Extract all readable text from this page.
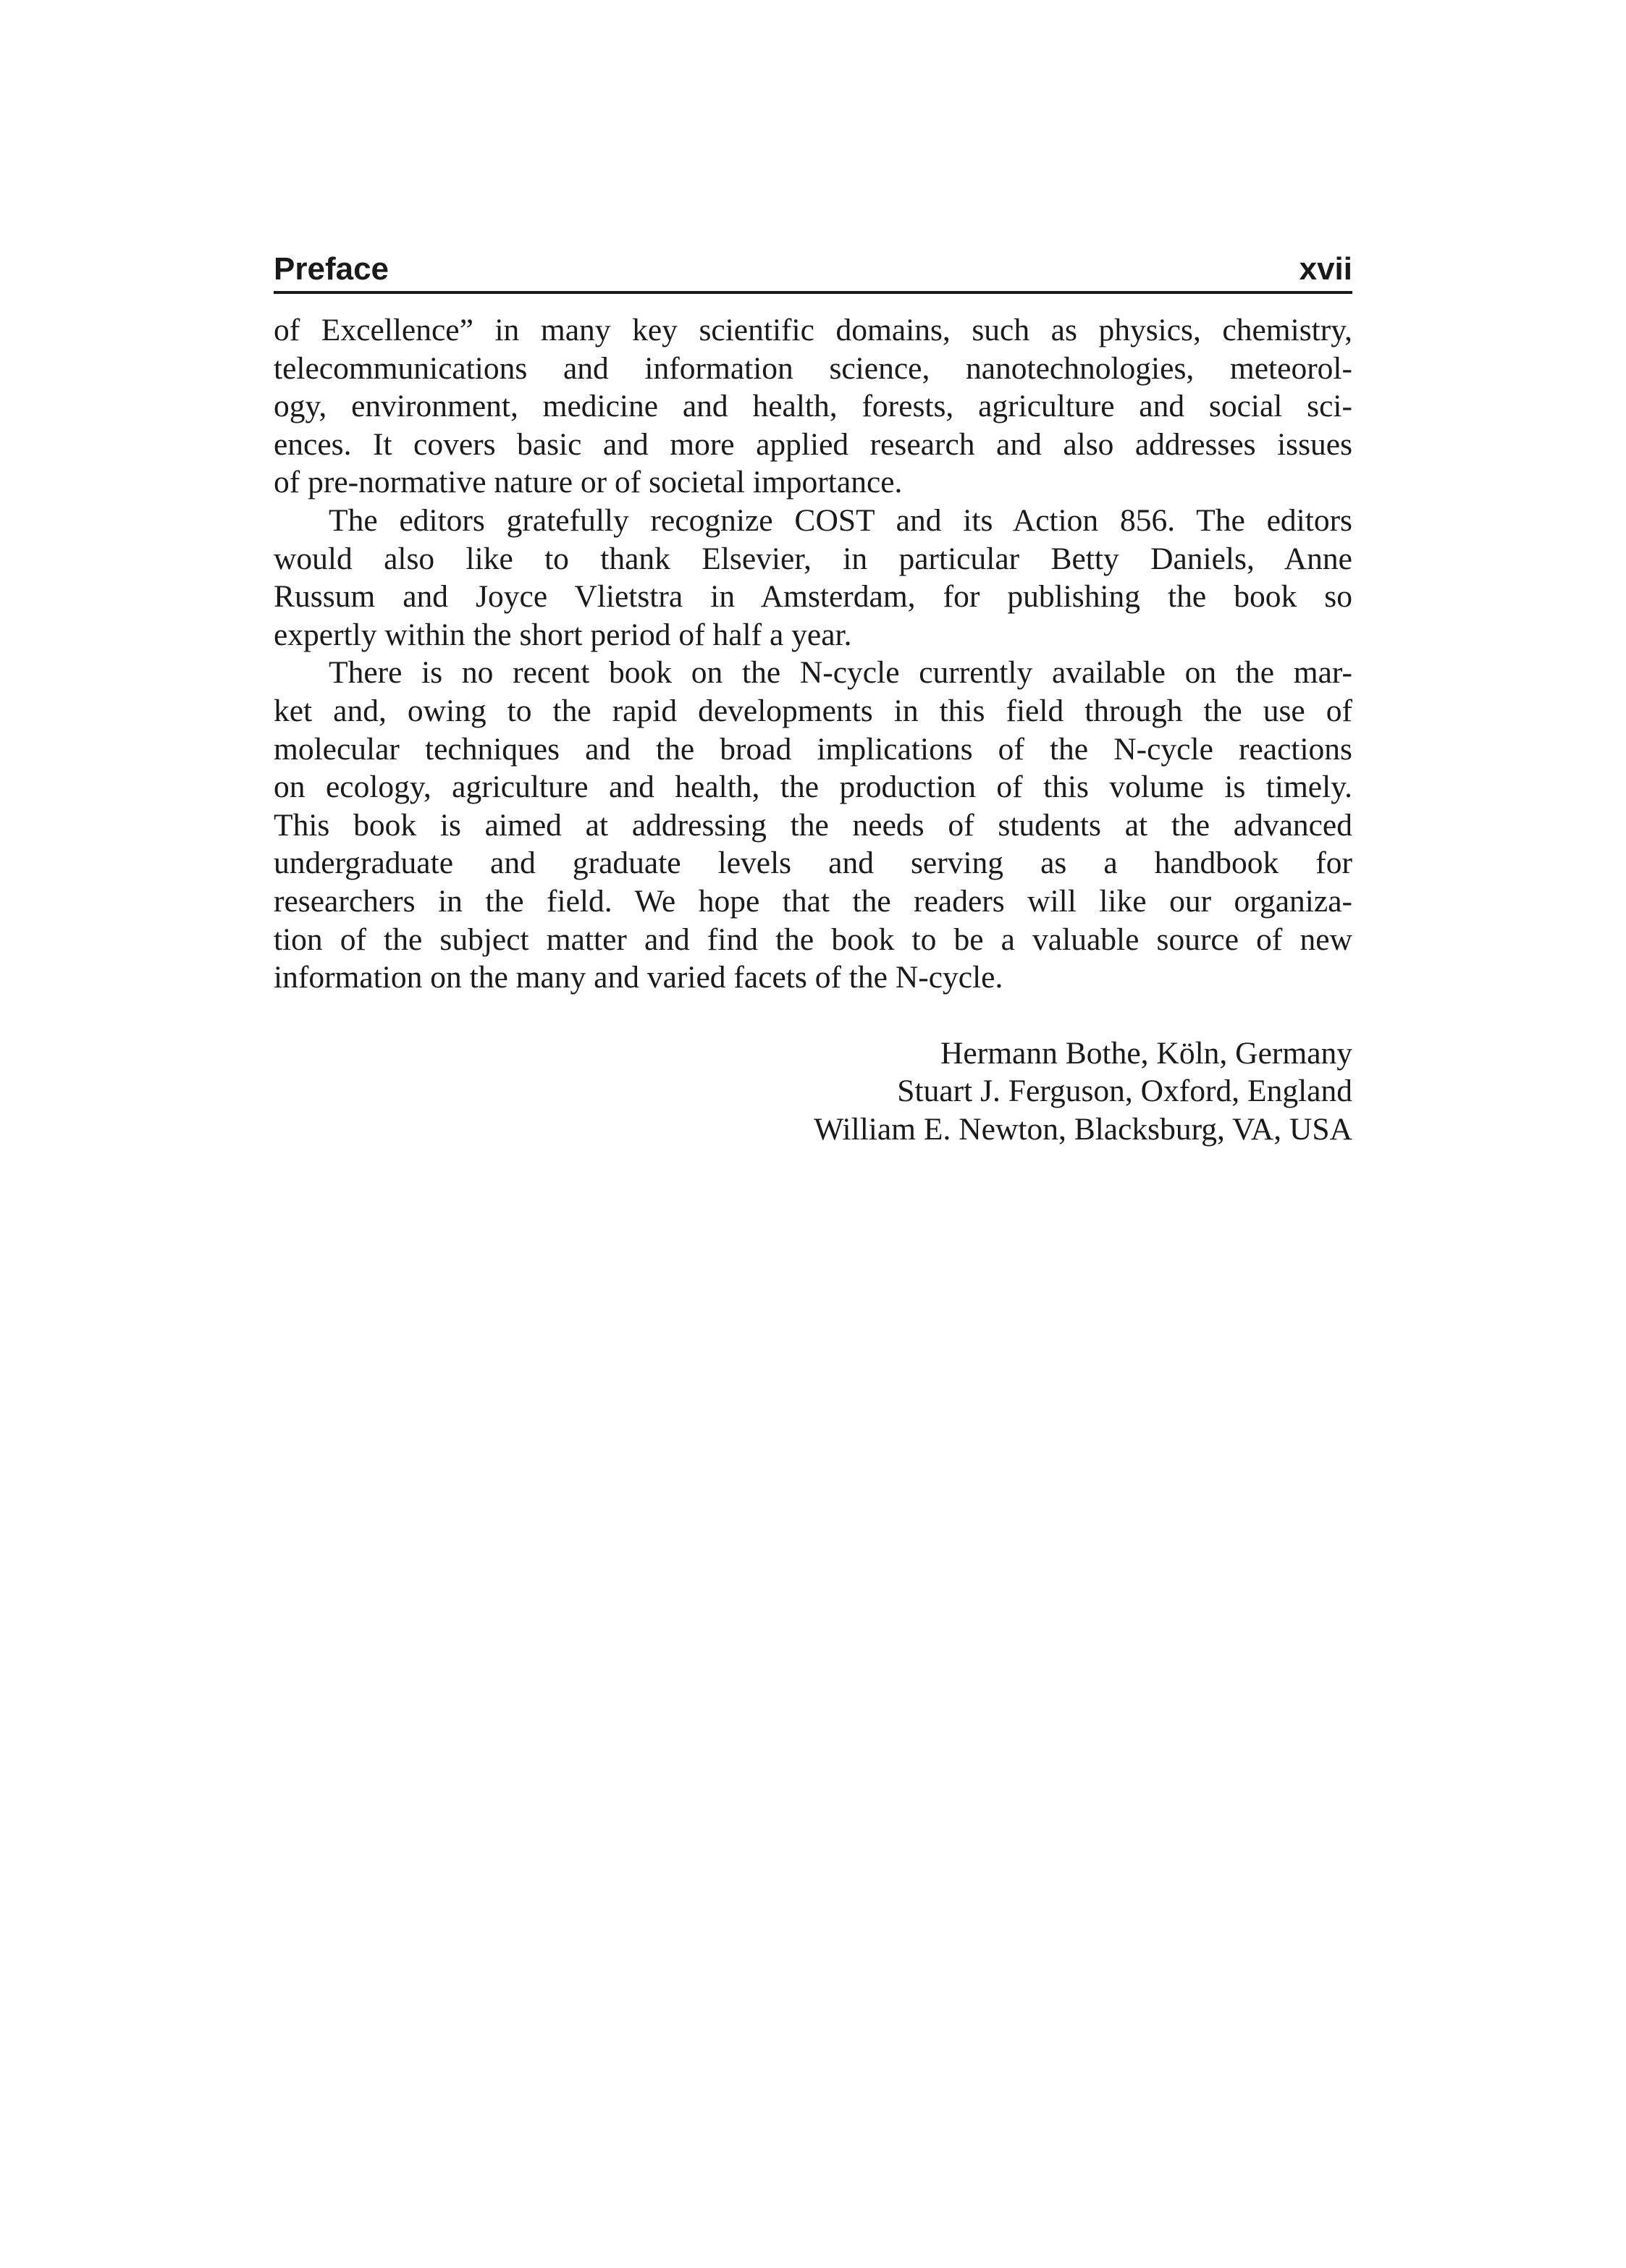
Preface	xvii

of Excellence” in many key scientific domains, such as physics, chemistry,
telecommunications and information science, nanotechnologies, meteorol-
ogy, environment, medicine and health, forests, agriculture and social sci-
ences. It covers basic and more applied research and also addresses issues
of pre-normative nature or of societal importance.

The editors gratefully recognize COST and its Action 856. The editors
would also like to thank Elsevier, in particular Betty Daniels, Anne
Russum and Joyce Vlietstra in Amsterdam, for publishing the book so
expertly within the short period of half a year.

There is no recent book on the N-cycle currently available on the mar-
ket and, owing to the rapid developments in this field through the use of
molecular techniques and the broad implications of the N-cycle reactions
on ecology, agriculture and health, the production of this volume is timely.
This book is aimed at addressing the needs of students at the advanced
undergraduate and graduate levels and serving as a handbook for
researchers in the field. We hope that the readers will like our organiza-
tion of the subject matter and find the book to be a valuable source of new
information on the many and varied facets of the N-cycle.

Hermann Bothe, Köln, Germany
Stuart J. Ferguson, Oxford, England
William E. Newton, Blacksburg, VA, USA
